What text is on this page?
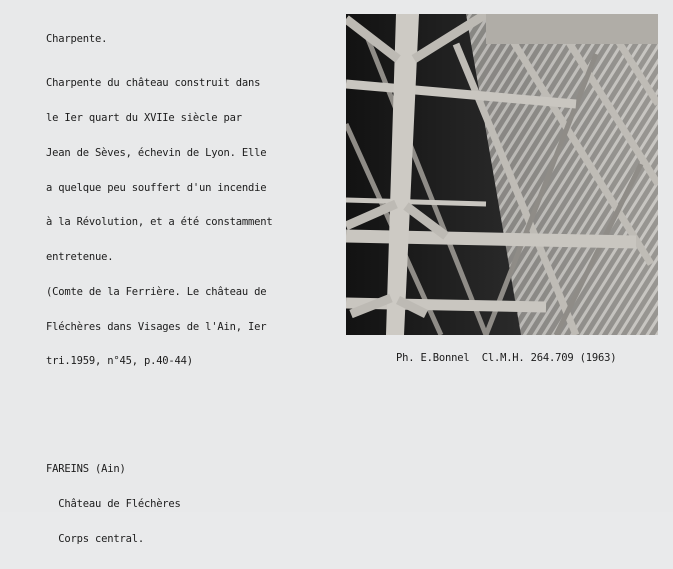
Charpente.

Charpente du château construit dans

le Ier quart du XVIIe siècle par

Jean de Sèves, échevin de Lyon. Elle

a quelque peu souffert d'un incendie

à la Révolution, et a été constamment

entretenue.

(Comte de la Ferrière. Le château de

Fléchères dans Visages de l'Ain, Ier

tri.1959, n°45, p.40-44)

	Ph. E.Bonnel  Cl.M.H. 264.709 (1963)

FAREINS (Ain)

Château de Fléchères

Corps central.
